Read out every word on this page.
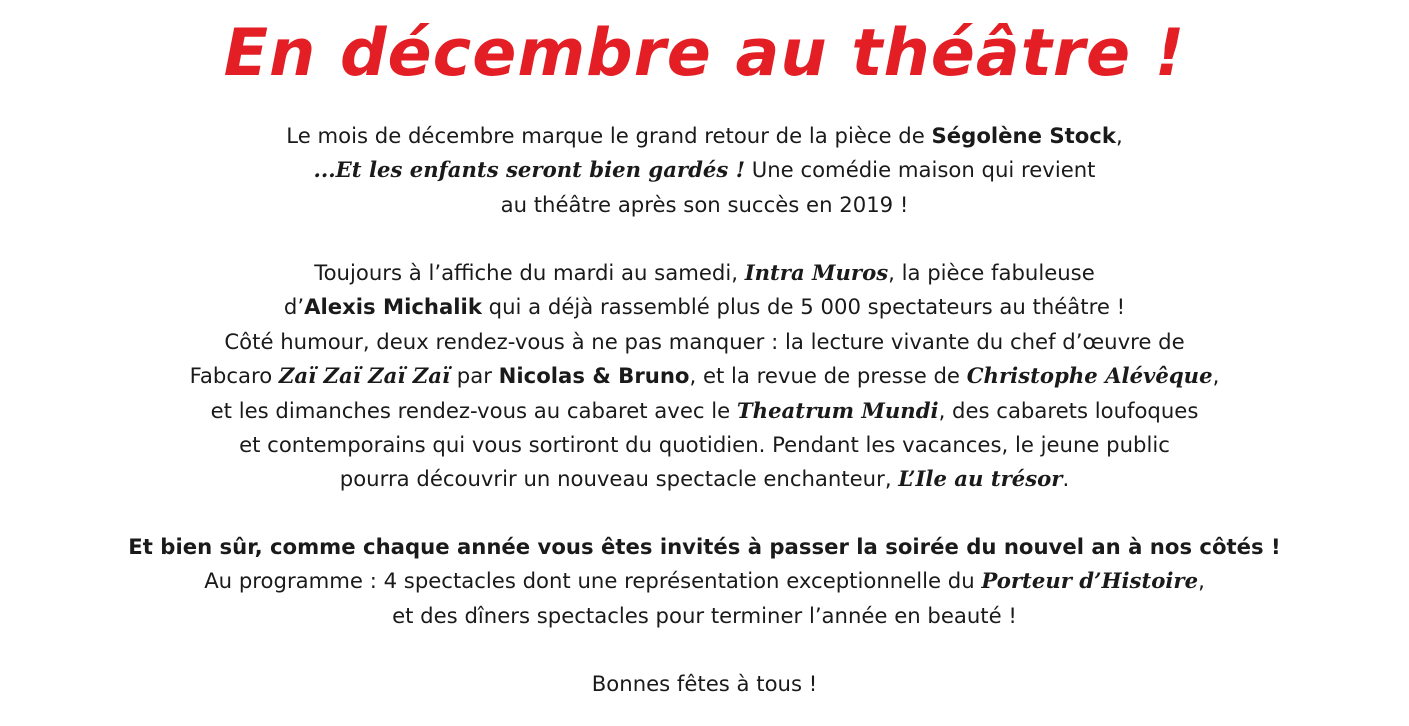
En décembre au théâtre !

Le mois de décembre marque le grand retour de la pièce de Ségolène Stock,
...Et les enfants seront bien gardés ! Une comédie maison qui revient
au théâtre après son succès en 2019 !

Toujours à l’affiche du mardi au samedi, Intra Muros, la pièce fabuleuse
d’Alexis Michalik qui a déjà rassemblé plus de 5 000 spectateurs au théâtre !
Côté humour, deux rendez-vous à ne pas manquer : la lecture vivante du chef d’œuvre de
Fabcaro Zaï Zaï Zaï Zaï par Nicolas & Bruno, et la revue de presse de Christophe Alévêque,
et les dimanches rendez-vous au cabaret avec le Theatrum Mundi, des cabarets loufoques
et contemporains qui vous sortiront du quotidien. Pendant les vacances, le jeune public
pourra découvrir un nouveau spectacle enchanteur, L’Ile au trésor.

Et bien sûr, comme chaque année vous êtes invités à passer la soirée du nouvel an à nos côtés !
Au programme : 4 spectacles dont une représentation exceptionnelle du Porteur d’Histoire,
et des dîners spectacles pour terminer l’année en beauté !

Bonnes fêtes à tous !
